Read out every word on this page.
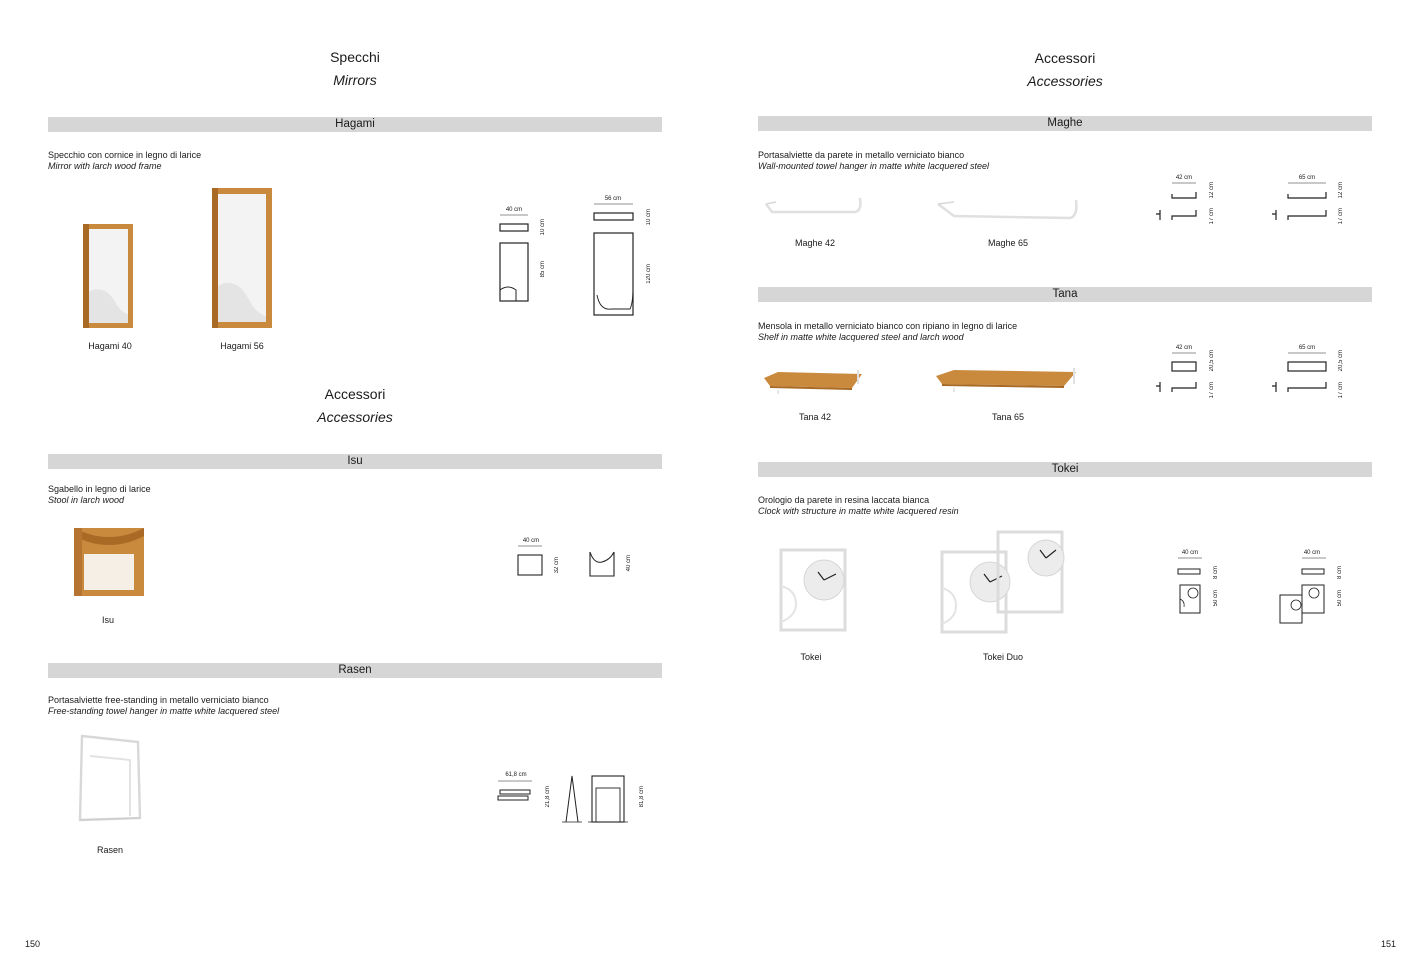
Specchi
Mirrors
Hagami
Specchio con cornice in legno di larice
Mirror with larch wood frame
Hagami 40	Hagami 56
40 cm
10 cm
85 cm
56 cm
10 cm
120 cm
Accessori
Accessories
Isu
Sgabello in legno di larice
Stool in larch wood
Isu
40 cm
32 cm	40 cm
Rasen
Portasalviette free-standing in metallo verniciato bianco
Free-standing towel hanger in matte white lacquered steel
Rasen
61,8 cm
21,8 cm	81,8 cm
150
Accessori
Accessories
Maghe
Portasalviette da parete in metallo verniciato bianco
Wall-mounted towel hanger in matte white lacquered steel
Maghe 42	Maghe 65
42 cm
12 cm
17 cm
65 cm
12 cm
17 cm
Tana
Mensola in metallo verniciato bianco con ripiano in legno di larice
Shelf in matte white lacquered steel and larch wood
Tana 42	Tana 65
42 cm
20,5 cm
17 cm
65 cm
20,5 cm
17 cm
Tokei
Orologio da parete in resina laccata bianca
Clock with structure in matte white lacquered resin
Tokei	Tokei Duo
40 cm
8 cm
50 cm
40 cm
8 cm
50 cm
151
